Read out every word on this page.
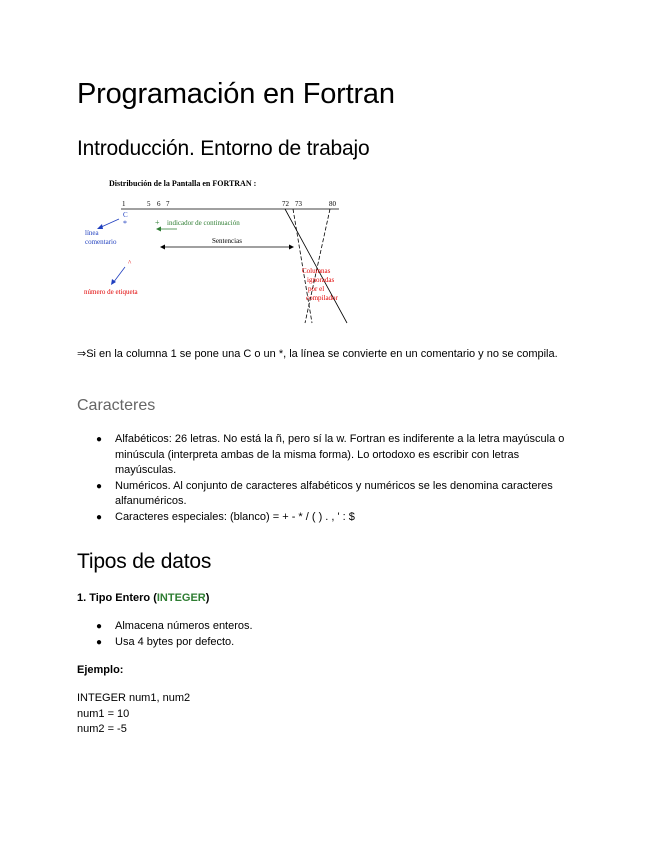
Programación en Fortran
Introducción. Entorno de trabajo
Distribución de la Pantalla en FORTRAN :
1	5 6 7	72 73	80
C
*
línea
comentario
+ indicador de continuación
Sentencias
^
número de etiqueta
Columnas
ignoradas
por el
compilador

⇒Si en la columna 1 se pone una C o un *, la línea se convierte en un comentario y no se compila.

Caracteres
● Alfabéticos: 26 letras. No está la ñ, pero sí la w. Fortran es indiferente a la letra mayúscula o minúscula (interpreta ambas de la misma forma). Lo ortodoxo es escribir con letras mayúsculas.
● Numéricos. Al conjunto de caracteres alfabéticos y numéricos se les denomina caracteres alfanuméricos.
● Caracteres especiales: (blanco) = + - * / ( ) . , ' : $
Tipos de datos

1. Tipo Entero (INTEGER)

● Almacena números enteros.
● Usa 4 bytes por defecto.

Ejemplo:

INTEGER num1, num2
num1 = 10
num2 = -5
